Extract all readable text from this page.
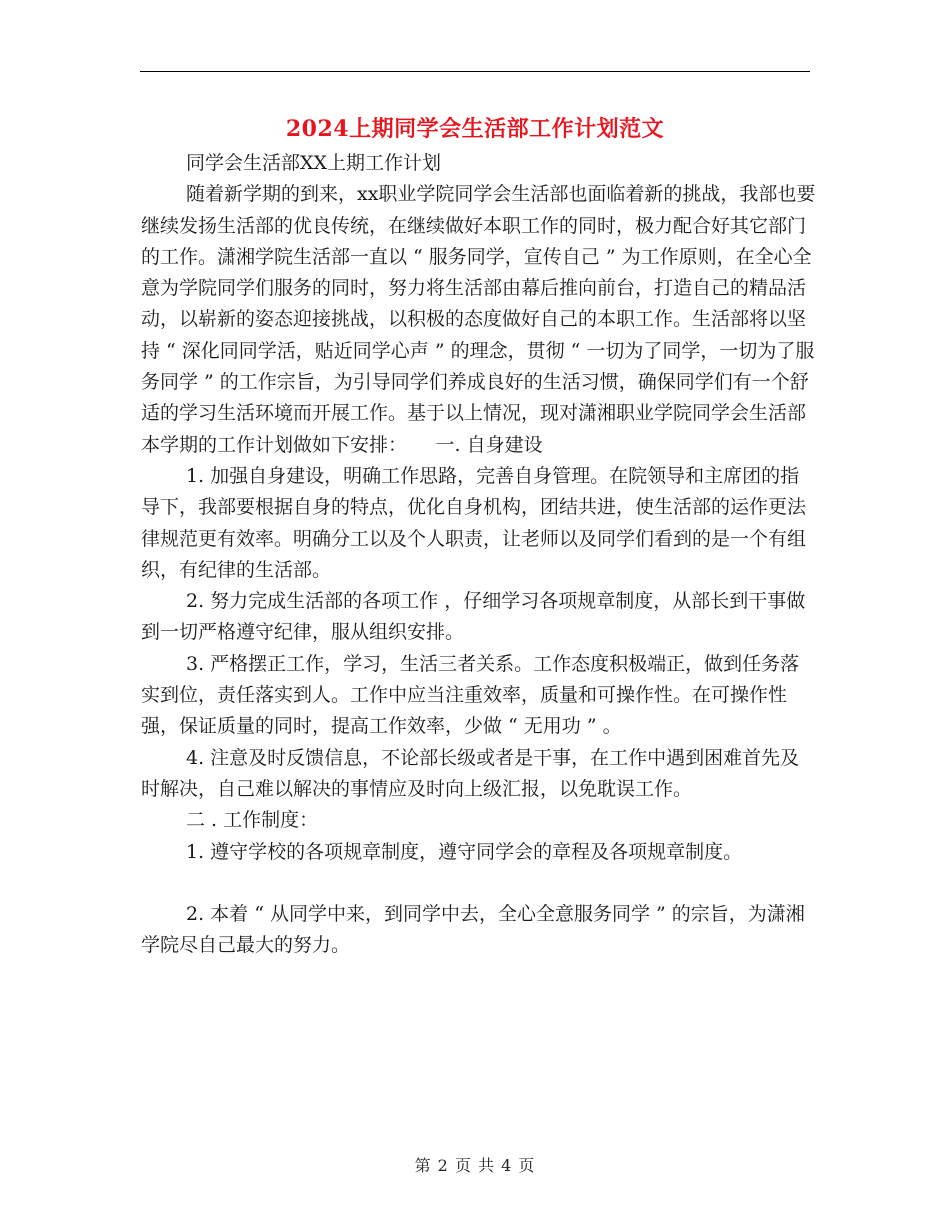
2024上期同学会生活部工作计划范文
同学会生活部XX上期工作计划
随着新学期的到来，xx职业学院同学会生活部也面临着新的挑战，我部也要继续发扬生活部的优良传统，在继续做好本职工作的同时，极力配合好其它部门的工作。潇湘学院生活部一直以 “ 服务同学，宣传自己 ” 为工作原则，在全心全意为学院同学们服务的同时，努力将生活部由幕后推向前台，打造自己的精品活动，以崭新的姿态迎接挑战，以积极的态度做好自己的本职工作。生活部将以坚持 “ 深化同同学活，贴近同学心声 ” 的理念，贯彻 “ 一切为了同学，一切为了服务同学 ” 的工作宗旨，为引导同学们养成良好的生活习惯，确保同学们有一个舒适的学习生活环境而开展工作。基于以上情况，现对潇湘职业学院同学会生活部本学期的工作计划做如下安排：　　一. 自身建设
1. 加强自身建设，明确工作思路，完善自身管理。在院领导和主席团的指导下，我部要根据自身的特点，优化自身机构，团结共进，使生活部的运作更法律规范更有效率。明确分工以及个人职责，让老师以及同学们看到的是一个有组织，有纪律的生活部。
2. 努力完成生活部的各项工作 ，仔细学习各项规章制度，从部长到干事做到一切严格遵守纪律，服从组织安排。
3. 严格摆正工作，学习，生活三者关系。工作态度积极端正，做到任务落实到位，责任落实到人。工作中应当注重效率，质量和可操作性。在可操作性强，保证质量的同时，提高工作效率，少做 “ 无用功 ” 。
4. 注意及时反馈信息，不论部长级或者是干事，在工作中遇到困难首先及时解决，自己难以解决的事情应及时向上级汇报，以免耽误工作。
二 . 工作制度：
1. 遵守学校的各项规章制度，遵守同学会的章程及各项规章制度。
2. 本着 “ 从同学中来，到同学中去，全心全意服务同学 ” 的宗旨，为潇湘学院尽自己最大的努力。
第 2 页 共 4 页
